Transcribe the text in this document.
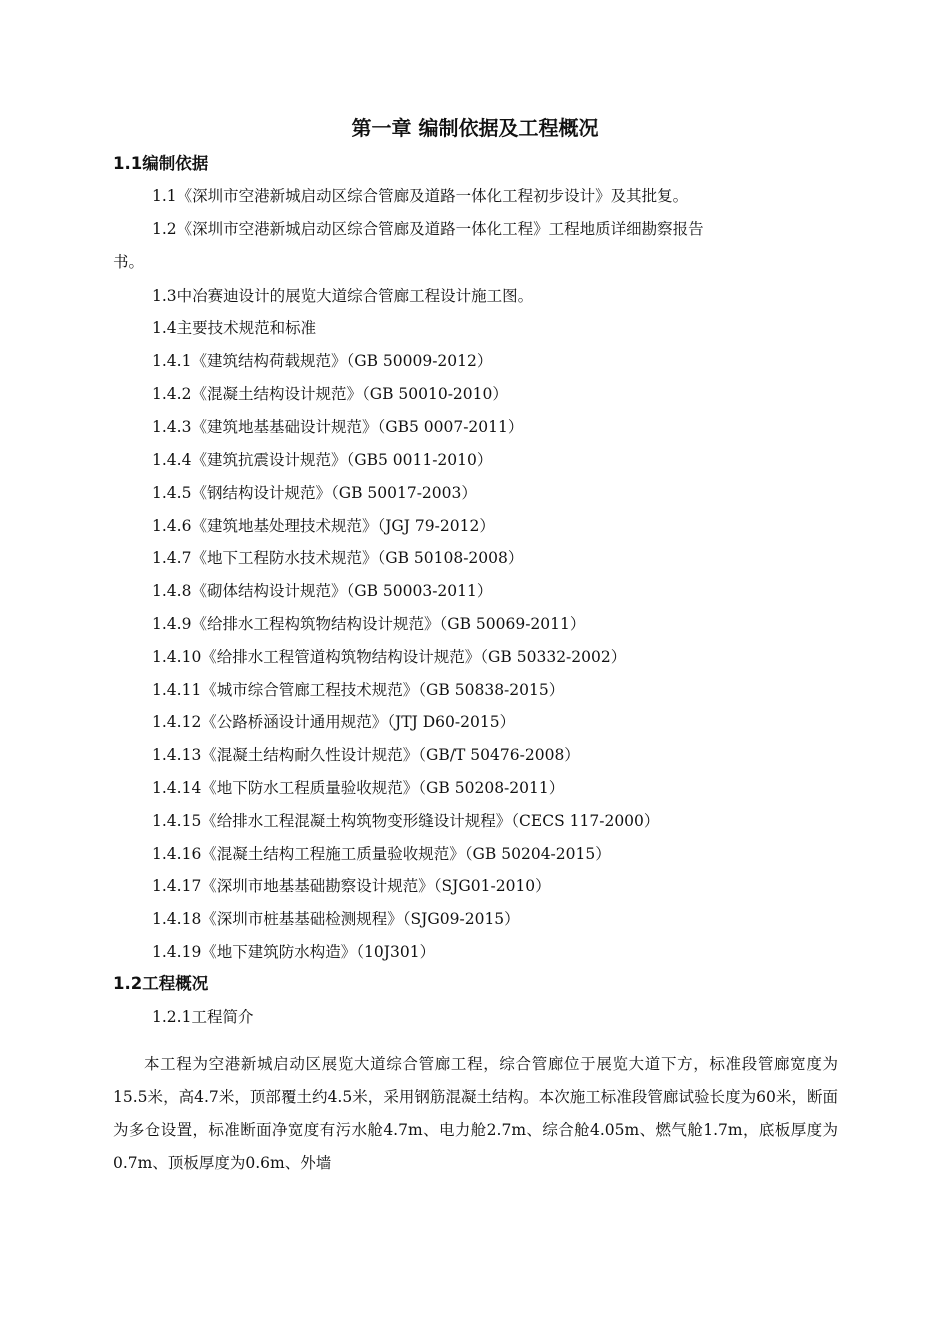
第一章 编制依据及工程概况
1.1编制依据
1.1《深圳市空港新城启动区综合管廊及道路一体化工程初步设计》及其批复。
1.2《深圳市空港新城启动区综合管廊及道路一体化工程》工程地质详细勘察报告
书。
1.3中冶赛迪设计的展览大道综合管廊工程设计施工图。
1.4主要技术规范和标准
1.4.1《建筑结构荷载规范》（GB 50009-2012）
1.4.2《混凝土结构设计规范》（GB 50010-2010）
1.4.3《建筑地基基础设计规范》（GB5 0007-2011）
1.4.4《建筑抗震设计规范》（GB5 0011-2010）
1.4.5《钢结构设计规范》（GB 50017-2003）
1.4.6《建筑地基处理技术规范》（JGJ 79-2012）
1.4.7《地下工程防水技术规范》（GB 50108-2008）
1.4.8《砌体结构设计规范》（GB 50003-2011）
1.4.9《给排水工程构筑物结构设计规范》（GB 50069-2011）
1.4.10《给排水工程管道构筑物结构设计规范》（GB 50332-2002）
1.4.11《城市综合管廊工程技术规范》（GB 50838-2015）
1.4.12《公路桥涵设计通用规范》（JTJ D60-2015）
1.4.13《混凝土结构耐久性设计规范》（GB/T 50476-2008）
1.4.14《地下防水工程质量验收规范》（GB 50208-2011）
1.4.15《给排水工程混凝土构筑物变形缝设计规程》（CECS 117-2000）
1.4.16《混凝土结构工程施工质量验收规范》（GB 50204-2015）
1.4.17《深圳市地基基础勘察设计规范》（SJG01-2010）
1.4.18《深圳市桩基基础检测规程》（SJG09-2015）
1.4.19《地下建筑防水构造》（10J301）
1.2工程概况
1.2.1工程简介
本工程为空港新城启动区展览大道综合管廊工程，综合管廊位于展览大道下方，标准段管廊宽度为15.5米，高4.7米，顶部覆土约4.5米，采用钢筋混凝土结构。本次施工标准段管廊试验长度为60米，断面为多仓设置，标准断面净宽度有污水舱4.7m、电力舱2.7m、综合舱4.05m、燃气舱1.7m，底板厚度为0.7m、顶板厚度为0.6m、外墙
